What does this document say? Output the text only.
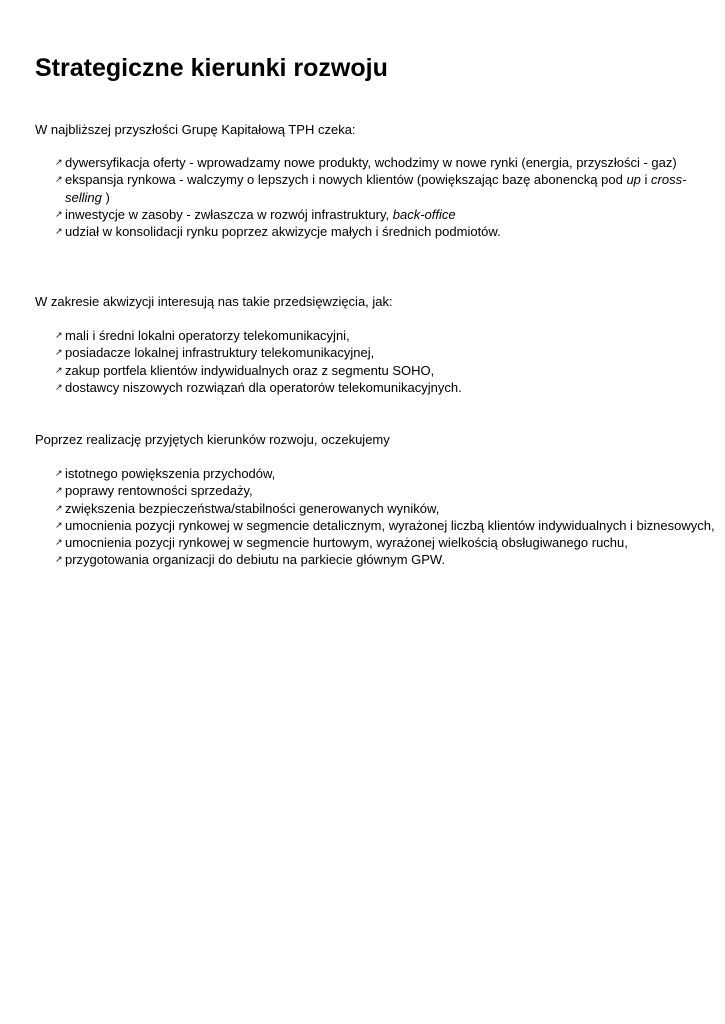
Strategiczne kierunki rozwoju

W najbliższej przyszłości Grupę Kapitałową TPH czeka:

↗ dywersyfikacja oferty - wprowadzamy nowe produkty, wchodzimy w nowe rynki (energia, przyszłości - gaz)
↗ ekspansja rynkowa - walczymy o lepszych i nowych klientów (powiększając bazę abonencką pod up i cross-selling )
↗ inwestycje w zasoby - zwłaszcza w rozwój infrastruktury, back-office
↗ udział w konsolidacji rynku poprzez akwizycje małych i średnich podmiotów.

W zakresie akwizycji interesują nas takie przedsięwzięcia, jak:

↗ mali i średni lokalni operatorzy telekomunikacyjni,
↗ posiadacze lokalnej infrastruktury telekomunikacyjnej,
↗ zakup portfela klientów indywidualnych oraz z segmentu SOHO,
↗ dostawcy niszowych rozwiązań dla operatorów telekomunikacyjnych.

Poprzez realizację przyjętych kierunków rozwoju, oczekujemy

↗ istotnego powiększenia przychodów,
↗ poprawy rentowności sprzedaży,
↗ zwiększenia bezpieczeństwa/stabilności generowanych wyników,
↗ umocnienia pozycji rynkowej w segmencie detalicznym, wyrażonej liczbą klientów indywidualnych i biznesowych,
↗ umocnienia pozycji rynkowej w segmencie hurtowym, wyrażonej wielkością obsługiwanego ruchu,
↗ przygotowania organizacji do debiutu na parkiecie głównym GPW.
